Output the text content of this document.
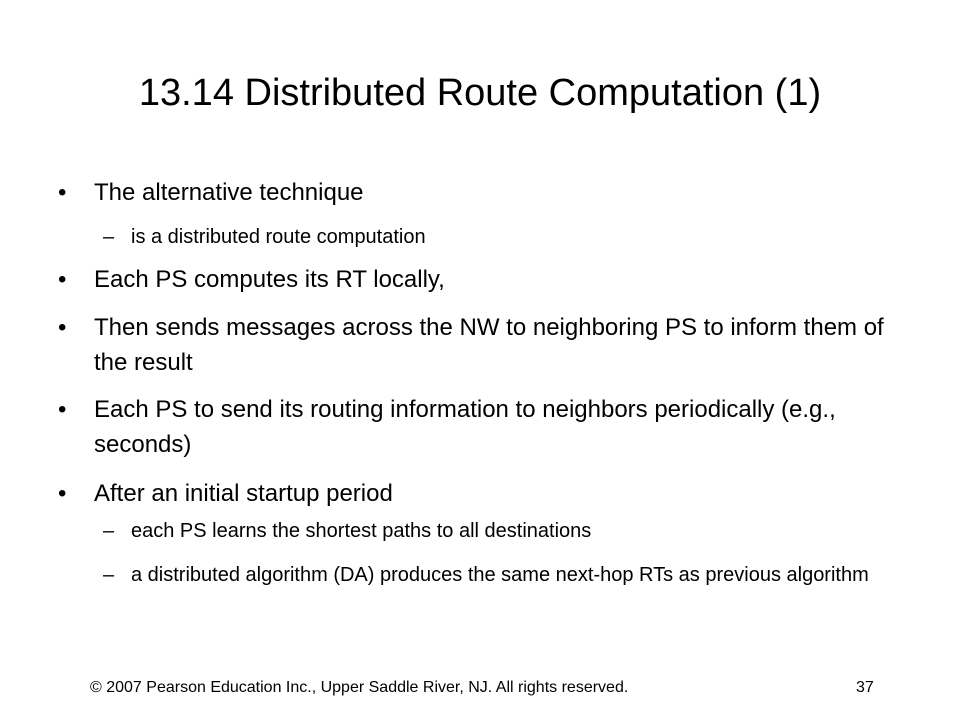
13.14 Distributed Route Computation (1)
• The alternative technique
– is a distributed route computation
• Each PS computes its RT locally,
• Then sends messages across the NW to neighboring PS to inform them of the result
• Each PS to send its routing information to neighbors periodically (e.g., seconds)
• After an initial startup period
– each PS learns the shortest paths to all destinations
– a distributed algorithm (DA) produces the same next-hop RTs as previous algorithm
© 2007 Pearson Education Inc., Upper Saddle River, NJ. All rights reserved.	37
